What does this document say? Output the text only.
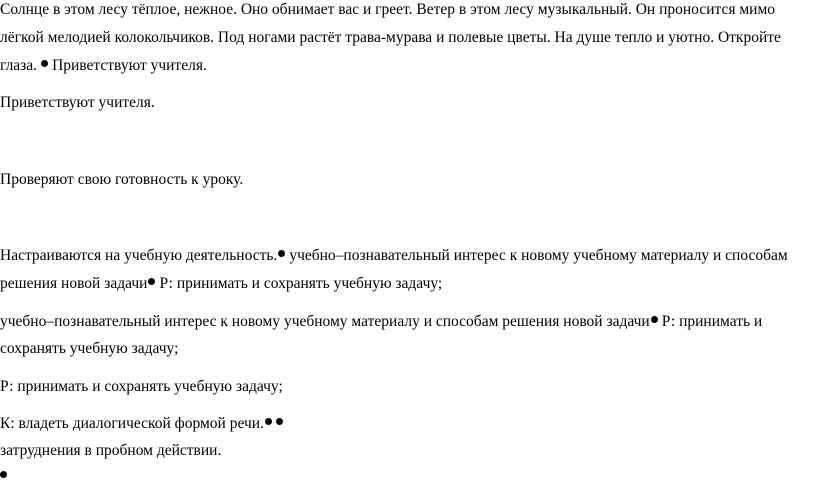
Солнце в этом лесу тёплое, нежное. Оно обнимает вас и греет. Ветер в этом лесу музыкальный. Он проносится мимо
лёгкой мелодией колокольчиков. Под ногами растёт трава-мурава и полевые цветы. На душе тепло и уютно. Откройте
глаза. Приветствуют учителя.
Приветствуют учителя.
Проверяют свою готовность к уроку.
Настраиваются на учебную деятельность. учебно–познавательный интерес к новому учебному материалу и способам
решения новой задачи Р: принимать и сохранять учебную задачу;
учебно–познавательный интерес к новому учебному материалу и способам решения новой задачи Р: принимать и
сохранять учебную задачу;
Р: принимать и сохранять учебную задачу;
К: владеть диалогической формой речи.
затруднения в пробном действии.
